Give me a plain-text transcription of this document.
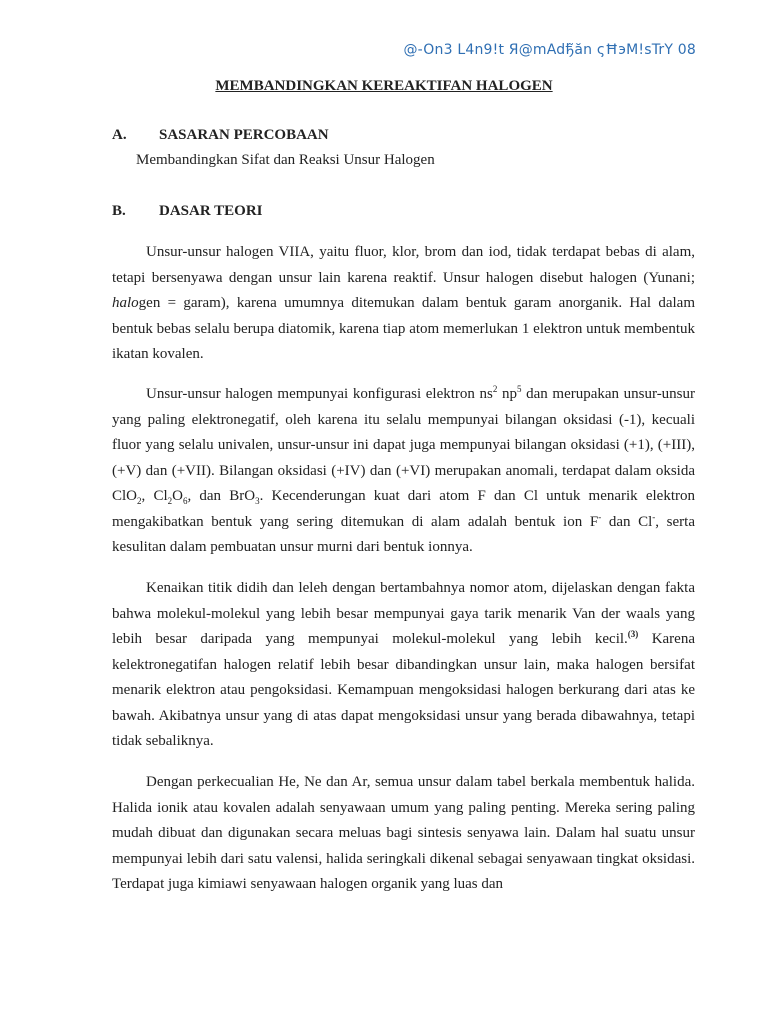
@-On3 L4n9!t Я@mAdђ̃ăn ςĦэM!sTrY 08
MEMBANDINGKAN KEREAKTIFAN HALOGEN
A.	SASARAN PERCOBAAN
Membandingkan Sifat dan Reaksi Unsur Halogen
B.	DASAR TEORI
Unsur-unsur halogen VIIA, yaitu fluor, klor, brom dan iod, tidak terdapat bebas di alam, tetapi bersenyawa dengan unsur lain karena reaktif. Unsur halogen disebut halogen (Yunani; halogen = garam), karena umumnya ditemukan dalam bentuk garam anorganik. Hal dalam bentuk bebas selalu berupa diatomik, karena tiap atom memerlukan 1 elektron untuk membentuk ikatan kovalen.
Unsur-unsur halogen mempunyai konfigurasi elektron $ns^2$ $np^5$ dan merupakan unsur-unsur yang paling elektronegatif, oleh karena itu selalu mempunyai bilangan oksidasi (-1), kecuali fluor yang selalu univalen, unsur-unsur ini dapat juga mempunyai bilangan oksidasi (+1), (+III), (+V) dan (+VII). Bilangan oksidasi (+IV) dan (+VI) merupakan anomali, terdapat dalam oksida ClO$_2$, $Cl_2O_6$, dan BrO$_3$. Kecenderungan kuat dari atom F dan Cl untuk menarik elektron mengakibatkan bentuk yang sering ditemukan di alam adalah bentuk ion F- dan Cl-, serta kesulitan dalam pembuatan unsur murni dari bentuk ionnya.
Kenaikan titik didih dan leleh dengan bertambahnya nomor atom, dijelaskan dengan fakta bahwa molekul-molekul yang lebih besar mempunyai gaya tarik menarik Van der waals yang lebih besar daripada yang mempunyai molekul-molekul yang lebih kecil.$^{(3)}$ Karena kelektronegatifan halogen relatif lebih besar dibandingkan unsur lain, maka halogen bersifat menarik elektron atau pengoksidasi. Kemampuan mengoksidasi halogen berkurang dari atas ke bawah. Akibatnya unsur yang di atas dapat mengoksidasi unsur yang berada dibawahnya, tetapi tidak sebaliknya.
Dengan perkecualian He, Ne dan Ar, semua unsur dalam tabel berkala membentuk halida. Halida ionik atau kovalen adalah senyawaan umum yang paling penting. Mereka sering paling mudah dibuat dan digunakan secara meluas bagi sintesis senyawa lain. Dalam hal suatu unsur mempunyai lebih dari satu valensi, halida seringkali dikenal sebagai senyawaan tingkat oksidasi. Terdapat juga kimiawi senyawaan halogen organik yang luas dan
